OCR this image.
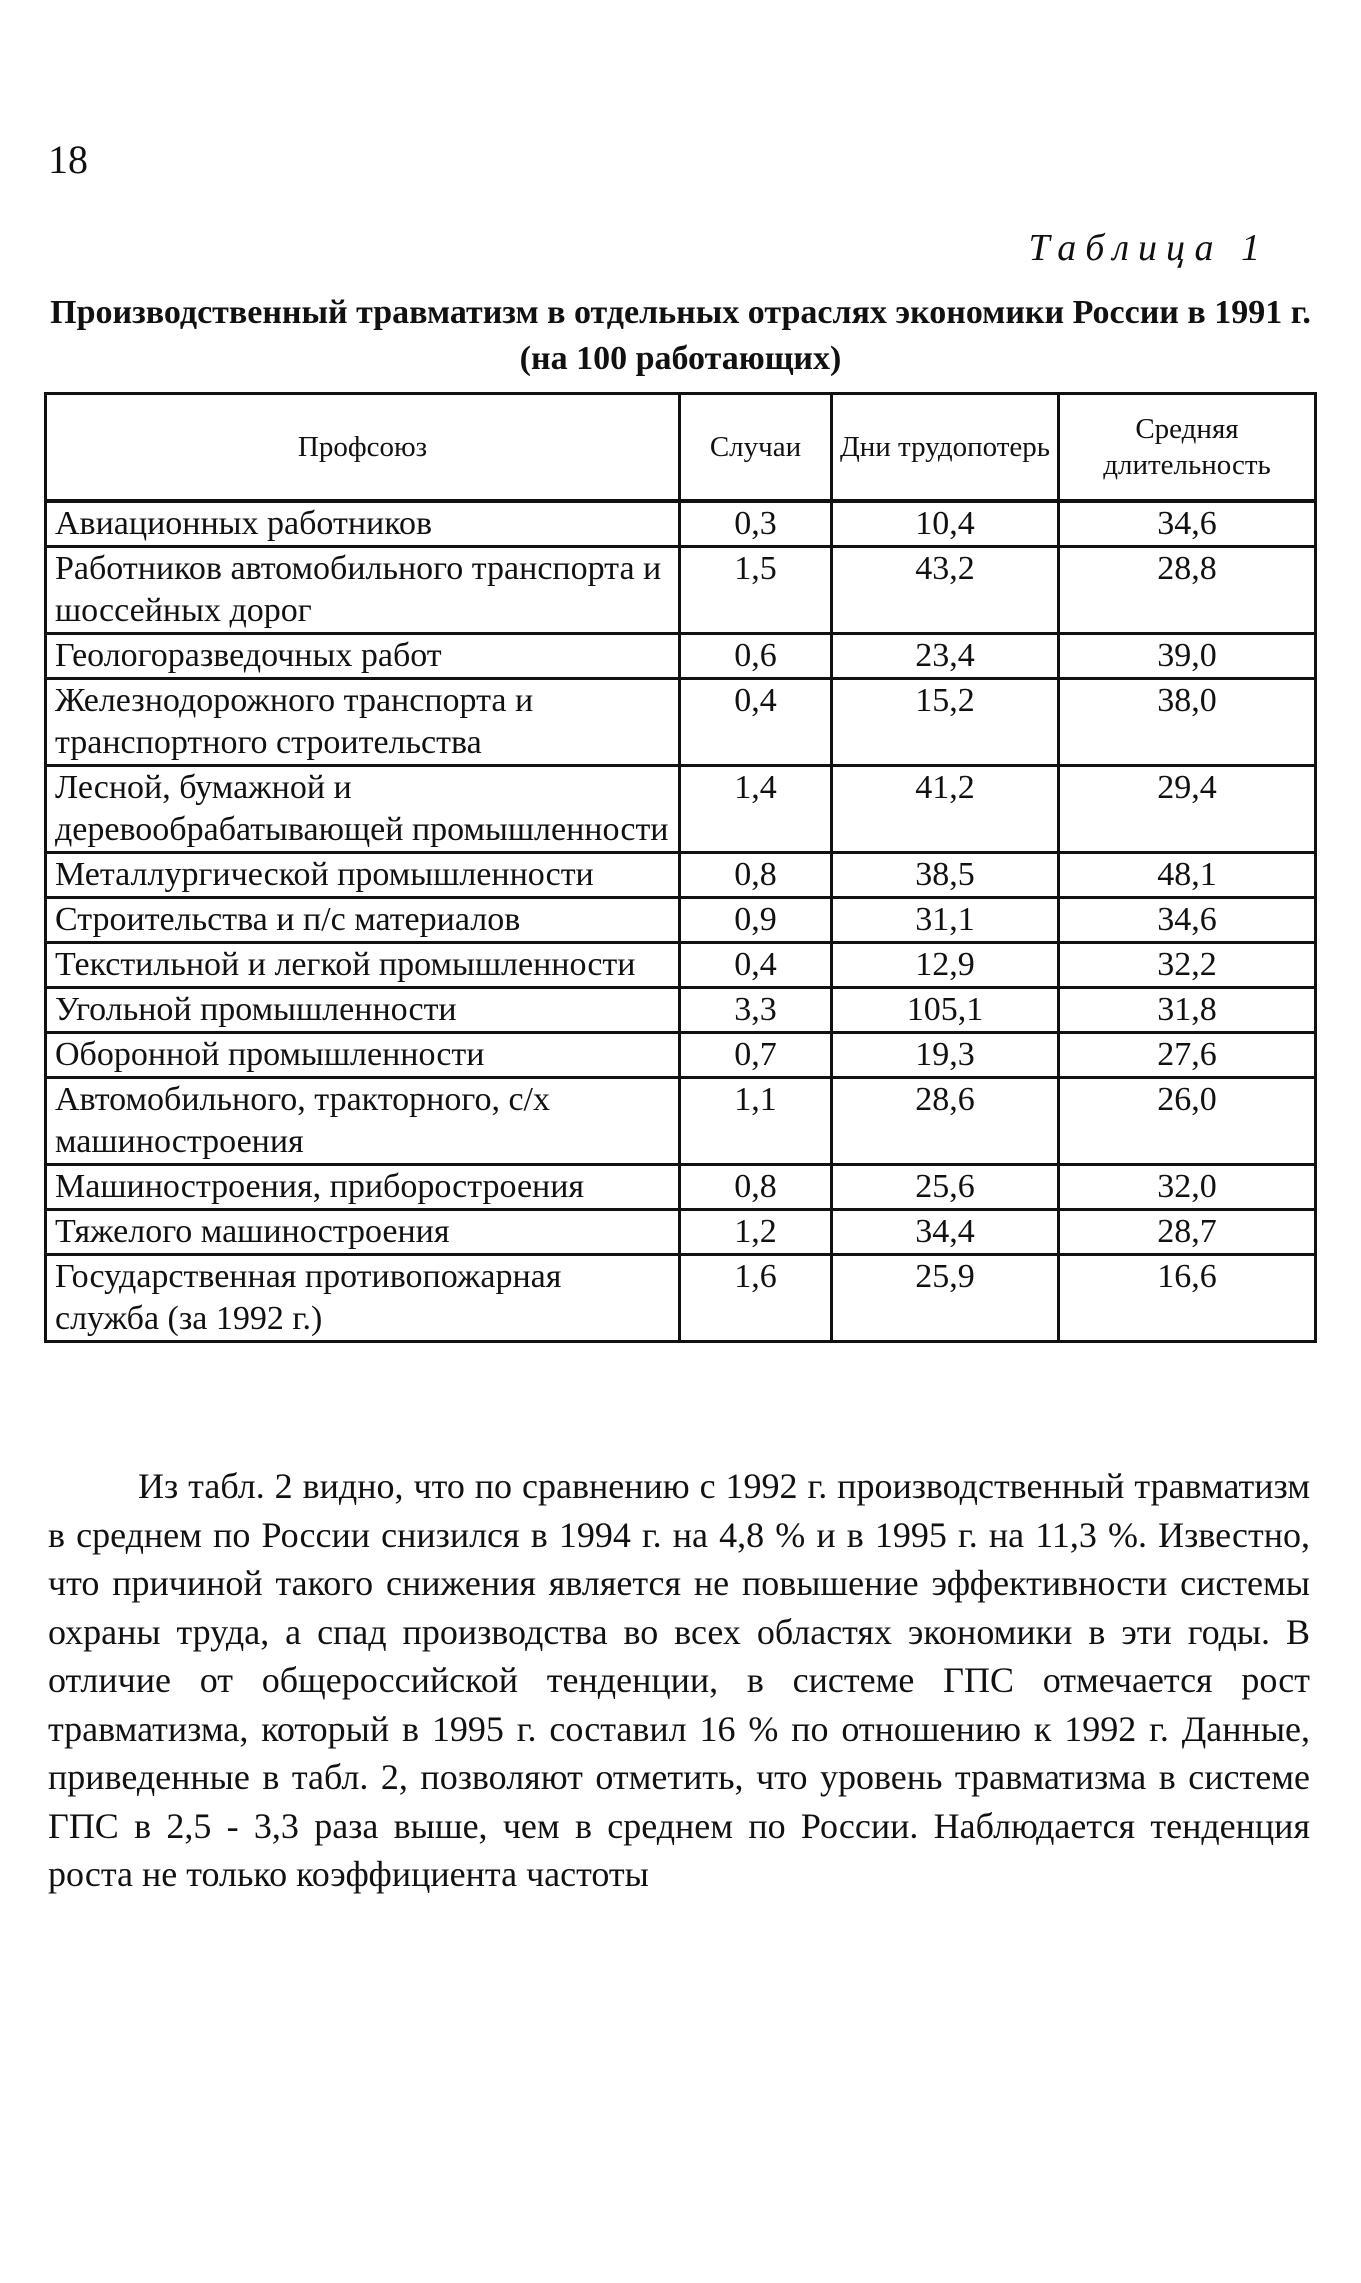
18
Таблица 1
Производственный травматизм в отдельных отраслях экономики России в 1991 г. (на 100 работающих)
Профсоюз	Случаи	Дни трудопотерь	Средняя длительность
Авиационных работников	0,3	10,4	34,6
Работников автомобильного транспорта и шоссейных дорог	1,5	43,2	28,8
Геологоразведочных работ	0,6	23,4	39,0
Железнодорожного транспорта и транспортного строительства	0,4	15,2	38,0
Лесной, бумажной и деревообрабатывающей промышленности	1,4	41,2	29,4
Металлургической промышленности	0,8	38,5	48,1
Строительства и п/с материалов	0,9	31,1	34,6
Текстильной и легкой промышленности	0,4	12,9	32,2
Угольной промышленности	3,3	105,1	31,8
Оборонной промышленности	0,7	19,3	27,6
Автомобильного, тракторного, с/х машиностроения	1,1	28,6	26,0
Машиностроения, приборостроения	0,8	25,6	32,0
Тяжелого машиностроения	1,2	34,4	28,7
Государственная противопожарная служба (за 1992 г.)	1,6	25,9	16,6

Из табл. 2 видно, что по сравнению с 1992 г. производственный травматизм в среднем по России снизился в 1994 г. на 4,8 % и в 1995 г. на 11,3 %. Известно, что причиной такого снижения является не повышение эффективности системы охраны труда, а спад производства во всех областях экономики в эти годы. В отличие от общероссийской тенденции, в системе ГПС отмечается рост травматизма, который в 1995 г. составил 16 % по отношению к 1992 г. Данные, приведенные в табл. 2, позволяют отметить, что уровень травматизма в системе ГПС в 2,5 - 3,3 раза выше, чем в среднем по России. Наблюдается тенденция роста не только коэффициента частоты
